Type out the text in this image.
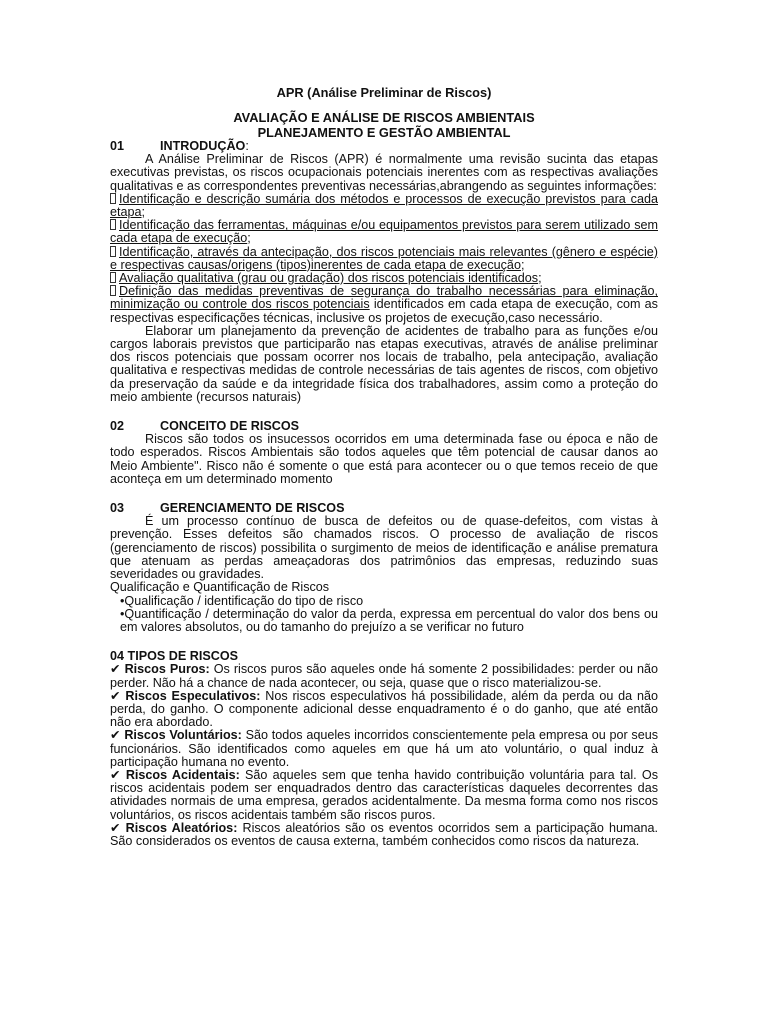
APR (Análise Preliminar de Riscos)
AVALIAÇÃO E ANÁLISE DE RISCOS AMBIENTAIS
PLANEJAMENTO E GESTÃO AMBIENTAL
01	INTRODUÇÃO:

A Análise Preliminar de Riscos (APR) é normalmente uma revisão sucinta das etapas executivas previstas, os riscos ocupacionais potenciais inerentes com as respectivas avaliações qualitativas e as correspondentes preventivas necessárias,abrangendo as seguintes informações:

Identificação e descrição sumária dos métodos e processos de execução previstos para cada etapa;
Identificação das ferramentas, máquinas e/ou equipamentos previstos para serem utilizado sem cada etapa de execução;
Identificação, através da antecipação, dos riscos potenciais mais relevantes (gênero e espécie) e respectivas causas/origens (tipos)inerentes de cada etapa de execução;
Avaliação qualitativa (grau ou gradação) dos riscos potenciais identificados;
Definição das medidas preventivas de segurança do trabalho necessárias para eliminação, minimização ou controle dos riscos potenciais identificados em cada etapa de execução, com as respectivas especificações técnicas, inclusive os projetos de execução,caso necessário.

Elaborar um planejamento da prevenção de acidentes de trabalho para as funções e/ou cargos laborais previstos que participarão nas etapas executivas, através de análise preliminar dos riscos potenciais que possam ocorrer nos locais de trabalho, pela antecipação, avaliação qualitativa e respectivas medidas de controle necessárias de tais agentes de riscos, com objetivo da preservação da saúde e da integridade física dos trabalhadores, assim como a proteção do meio ambiente (recursos naturais)

02	CONCEITO DE RISCOS

Riscos são todos os insucessos ocorridos em uma determinada fase ou época e não de todo esperados. Riscos Ambientais são todos aqueles que têm potencial de causar danos ao Meio Ambiente". Risco não é somente o que está para acontecer ou o que temos receio de que aconteça em um determinado momento

03	GERENCIAMENTO DE RISCOS

É um processo contínuo de busca de defeitos ou de quase-defeitos, com vistas à prevenção. Esses defeitos são chamados riscos. O processo de avaliação de riscos (gerenciamento de riscos) possibilita o surgimento de meios de identificação e análise prematura que atenuam as perdas ameaçadoras dos patrimônios das empresas, reduzindo suas severidades ou gravidades.

Qualificação e Quantificação de Riscos

•Qualificação / identificação do tipo de risco

•Quantificação / determinação do valor da perda, expressa em percentual do valor dos bens ou em valores absolutos, ou do tamanho do prejuízo a se verificar no futuro

04 TIPOS DE RISCOS

✔ Riscos Puros: Os riscos puros são aqueles onde há somente 2 possibilidades: perder ou não perder. Não há a chance de nada acontecer, ou seja, quase que o risco materializou-se.

✔ Riscos Especulativos: Nos riscos especulativos há possibilidade, além da perda ou da não perda, do ganho. O componente adicional desse enquadramento é o do ganho, que até então não era abordado.

✔ Riscos Voluntários: São todos aqueles incorridos conscientemente pela empresa ou por seus funcionários. São identificados como aqueles em que há um ato voluntário, o qual induz à participação humana no evento.

✔ Riscos Acidentais: São aqueles sem que tenha havido contribuição voluntária para tal. Os riscos acidentais podem ser enquadrados dentro das características daqueles decorrentes das atividades normais de uma empresa, gerados acidentalmente. Da mesma forma como nos riscos voluntários, os riscos acidentais também são riscos puros.

✔ Riscos Aleatórios: Riscos aleatórios são os eventos ocorridos sem a participação humana. São considerados os eventos de causa externa, também conhecidos como riscos da natureza.
